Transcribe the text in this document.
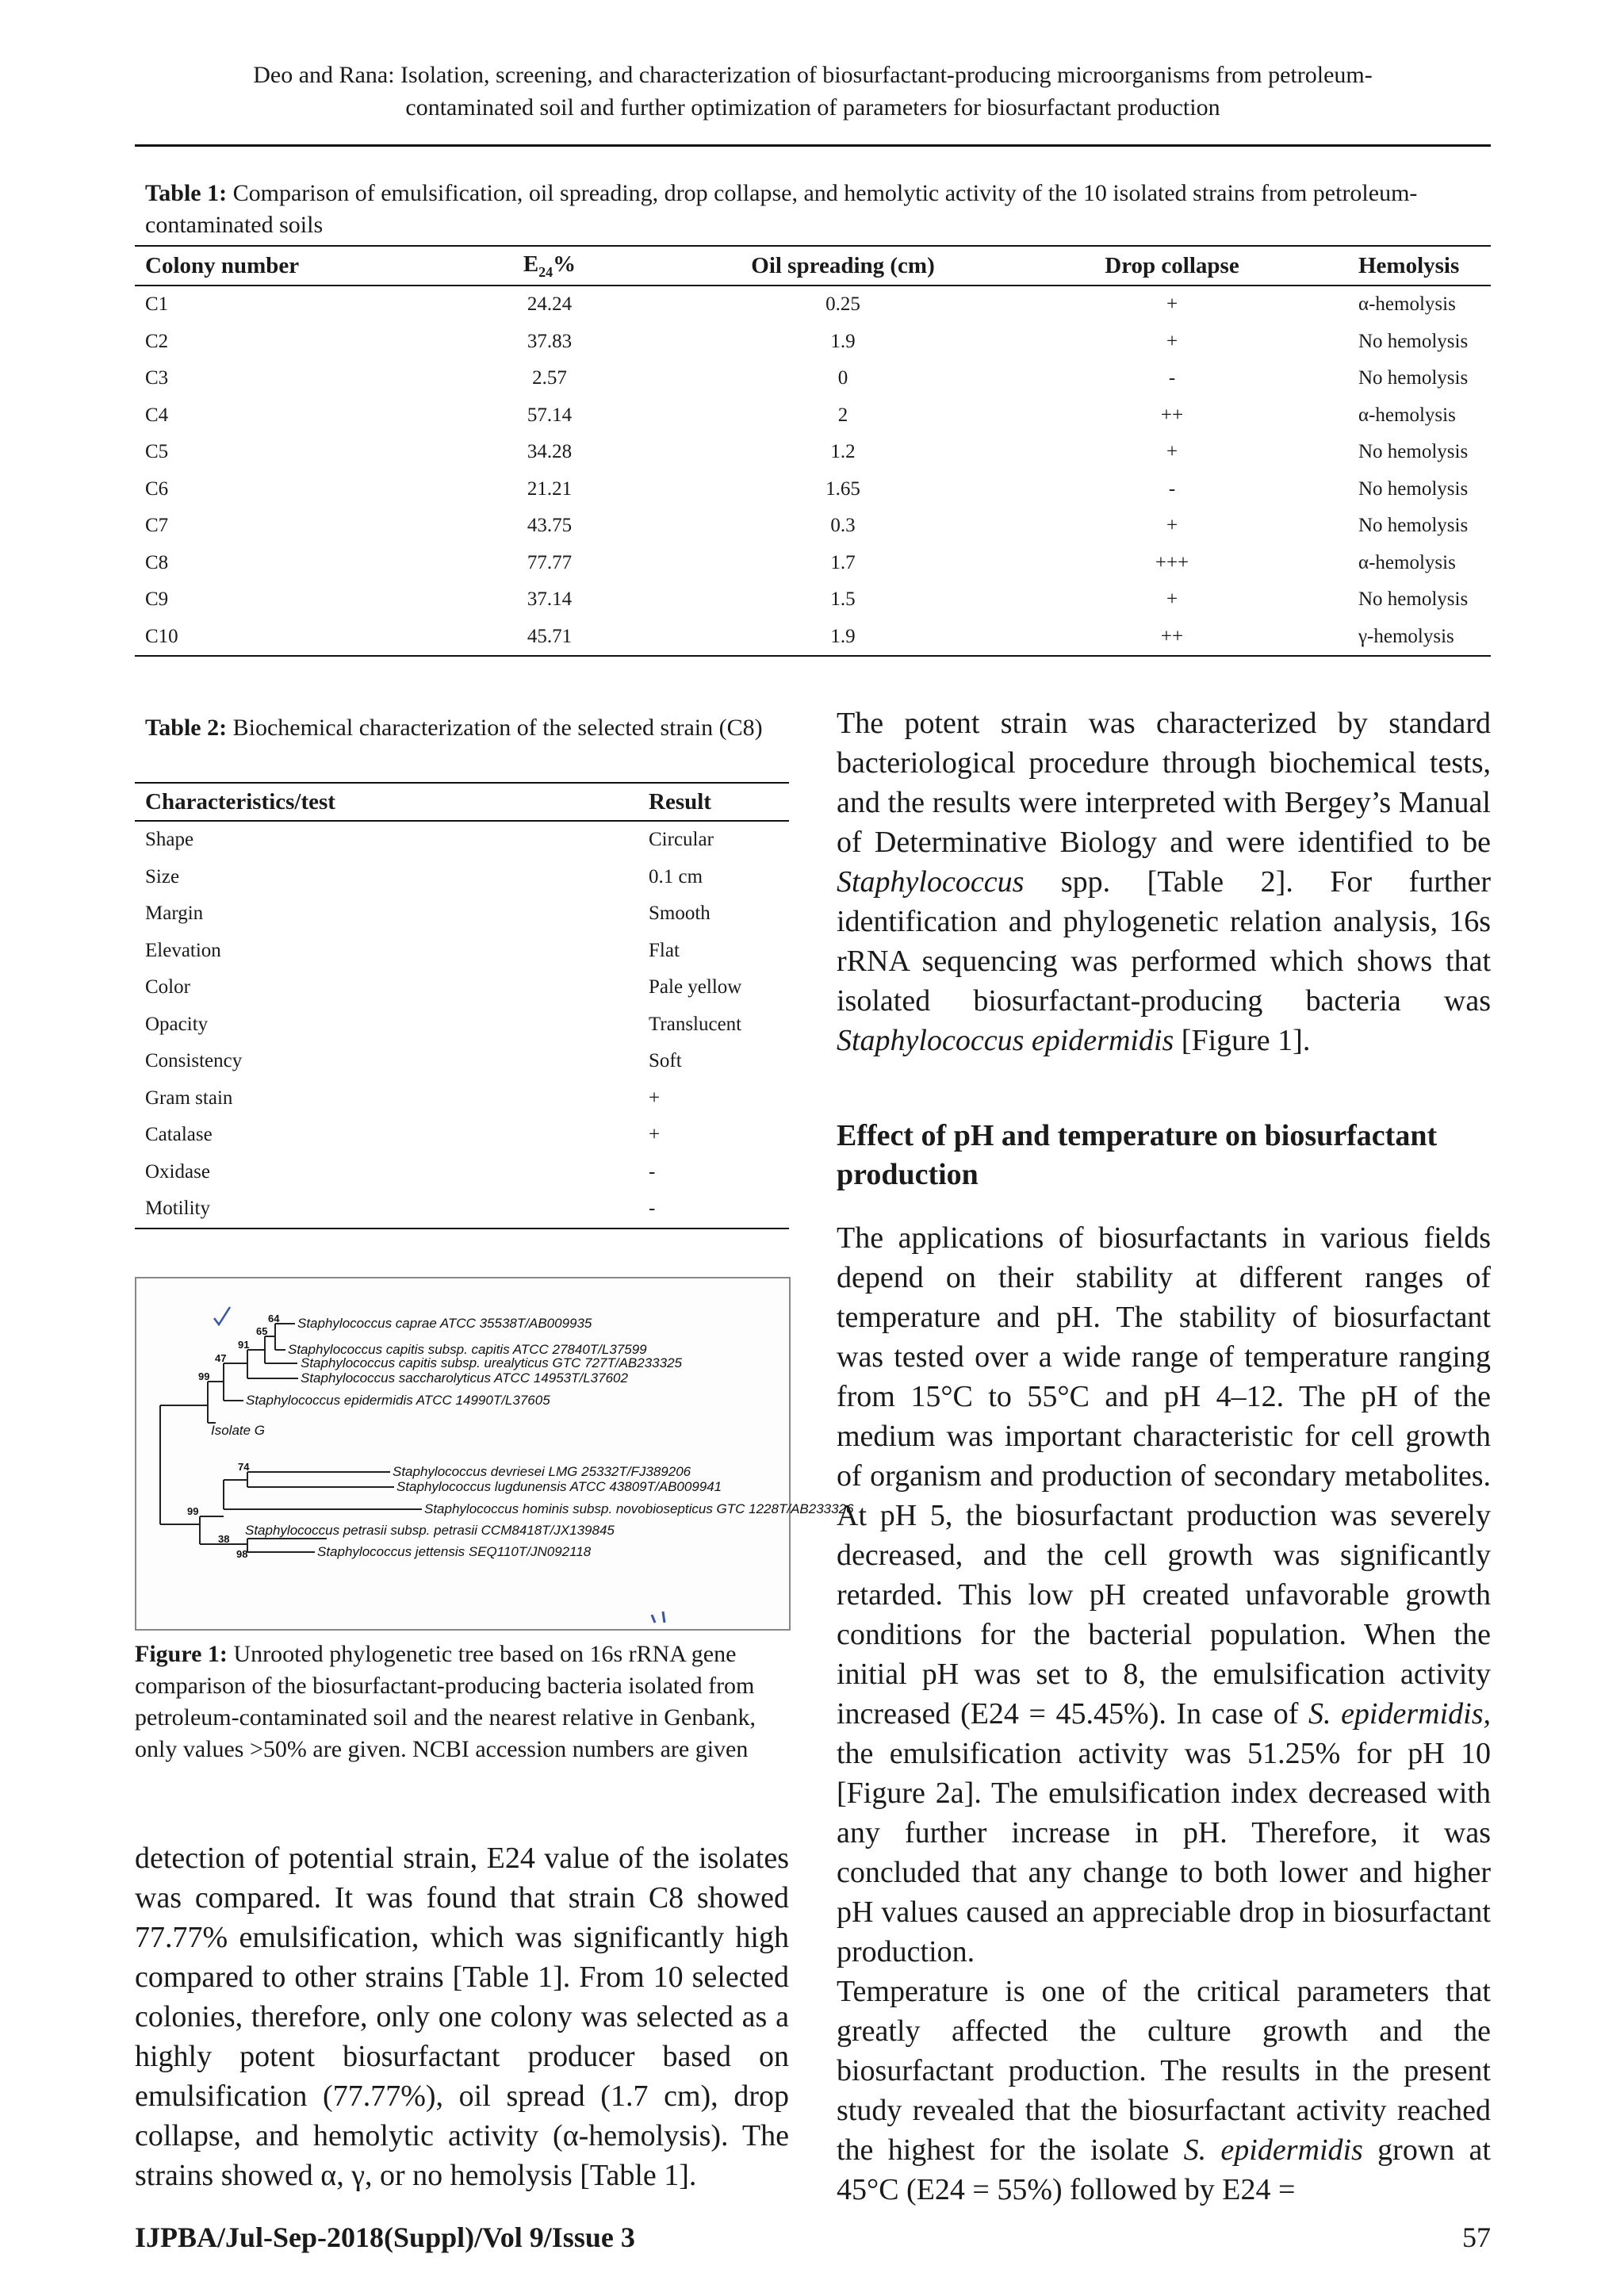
Deo and Rana: Isolation, screening, and characterization of biosurfactant-producing microorganisms from petroleum-
contaminated soil and further optimization of parameters for biosurfactant production
Table 1: Comparison of emulsification, oil spreading, drop collapse, and hemolytic activity of the 10 isolated strains from petroleum-contaminated soils
Colony number	$E_{24}\%$	Oil spreading (cm)	Drop collapse	Hemolysis
C1	24.24	0.25	+	α-hemolysis
C2	37.83	1.9	+	No hemolysis
C3	2.57	0	-	No hemolysis
C4	57.14	2	++	α-hemolysis
C5	34.28	1.2	+	No hemolysis
C6	21.21	1.65	-	No hemolysis
C7	43.75	0.3	+	No hemolysis
C8	77.77	1.7	+++	α-hemolysis
C9	37.14	1.5	+	No hemolysis
C10	45.71	1.9	++	γ-hemolysis
Table 2: Biochemical characterization of the selected strain (C8)
Characteristics/test	Result
Shape	Circular
Size	0.1 cm
Margin	Smooth
Elevation	Flat
Color	Pale yellow
Opacity	Translucent
Consistency	Soft
Gram stain	+
Catalase	+
Oxidase	-
Motility	-
Staphylococcus caprae ATCC 35538T/AB009935
Staphylococcus capitis subsp. capitis ATCC 27840T/L37599
Staphylococcus capitis subsp. urealyticus GTC 727T/AB233325
Staphylococcus saccharolyticus ATCC 14953T/L37602
Staphylococcus epidermidis ATCC 14990T/L37605
Isolate G
Staphylococcus devriesei LMG 25332T/FJ389206
Staphylococcus lugdunensis ATCC 43809T/AB009941
Staphylococcus hominis subsp. novobiosepticus GTC 1228T/AB233326
Staphylococcus petrasii subsp. petrasii CCM8418T/JX139845
Staphylococcus jettensis SEQ110T/JN092118
64
65
91
47
99
74
99
38
98
Figure 1: Unrooted phylogenetic tree based on 16s rRNA gene comparison of the biosurfactant-producing bacteria isolated from petroleum-contaminated soil and the nearest relative in Genbank, only values >50% are given. NCBI accession numbers are given

detection of potential strain, E24 value of the isolates was compared. It was found that strain C8 showed 77.77% emulsification, which was significantly high compared to other strains [Table 1]. From 10 selected colonies, therefore, only one colony was selected as a highly potent biosurfactant producer based on emulsification (77.77%), oil spread (1.7 cm), drop collapse, and hemolytic activity (α-hemolysis). The strains showed α, γ, or no hemolysis [Table 1].

The potent strain was characterized by standard bacteriological procedure through biochemical tests, and the results were interpreted with Bergey’s Manual of Determinative Biology and were identified to be Staphylococcus spp. [Table 2]. For further identification and phylogenetic relation analysis, 16s rRNA sequencing was performed which shows that isolated biosurfactant-producing bacteria was Staphylococcus epidermidis [Figure 1].

Effect of pH and temperature on biosurfactant production

The applications of biosurfactants in various fields depend on their stability at different ranges of temperature and pH. The stability of biosurfactant was tested over a wide range of temperature ranging from 15°C to 55°C and pH 4–12. The pH of the medium was important characteristic for cell growth of organism and production of secondary metabolites. At pH 5, the biosurfactant production was severely decreased, and the cell growth was significantly retarded. This low pH created unfavorable growth conditions for the bacterial population. When the initial pH was set to 8, the emulsification activity increased (E24 = 45.45%). In case of S. epidermidis, the emulsification activity was 51.25% for pH 10 [Figure 2a]. The emulsification index decreased with any further increase in pH. Therefore, it was concluded that any change to both lower and higher pH values caused an appreciable drop in biosurfactant production.

Temperature is one of the critical parameters that greatly affected the culture growth and the biosurfactant production. The results in the present study revealed that the biosurfactant activity reached the highest for the isolate S. epidermidis grown at 45°C (E24 = 55%) followed by E24 =

IJPBA/Jul-Sep-2018(Suppl)/Vol 9/Issue 3	57
